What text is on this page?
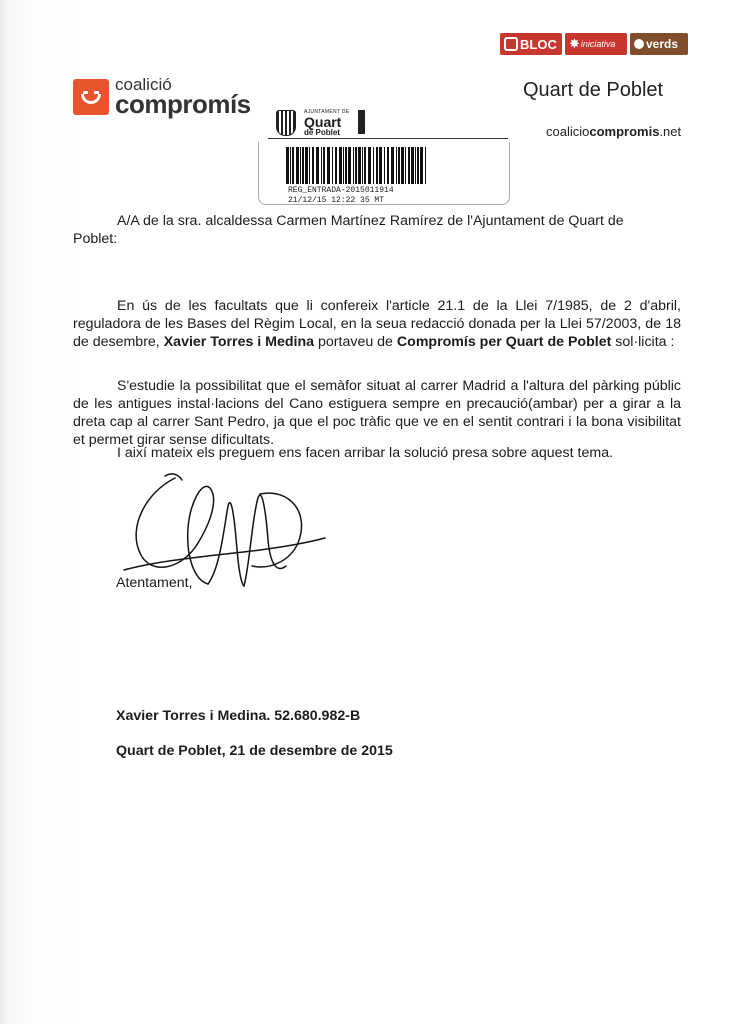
BLOC ✸ iniciativa	verds
coalició
compromís	Quart de Poblet
coaliciocompromis.net
AJUNTAMENT DE
Quart
de Poblet
REG_ENTRADA-2015011914
21/12/15 12:22 35 MT
A/A de la sra. alcaldessa Carmen Martínez Ramírez de l'Ajuntament de Quart de Poblet:
En ús de les facultats que li confereix l'article 21.1 de la Llei 7/1985, de 2 d'abril, reguladora de les Bases del Règim Local, en la seua redacció donada per la Llei 57/2003, de 18 de desembre, Xavier Torres i Medina portaveu de Compromís per Quart de Poblet sol·licita :
S'estudie la possibilitat que el semàfor situat al carrer Madrid a l'altura del pàrking públic de les antigues instal·lacions del Cano estiguera sempre en precaució(ambar) per a girar a la dreta cap al carrer Sant Pedro, ja que el poc tràfic que ve en el sentit contrari i la bona visibilitat et permet girar sense dificultats.
I així mateix els preguem ens facen arribar la solució presa sobre aquest tema.
Atentament,
Xavier Torres i Medina. 52.680.982-B
Quart de Poblet, 21 de desembre de 2015
